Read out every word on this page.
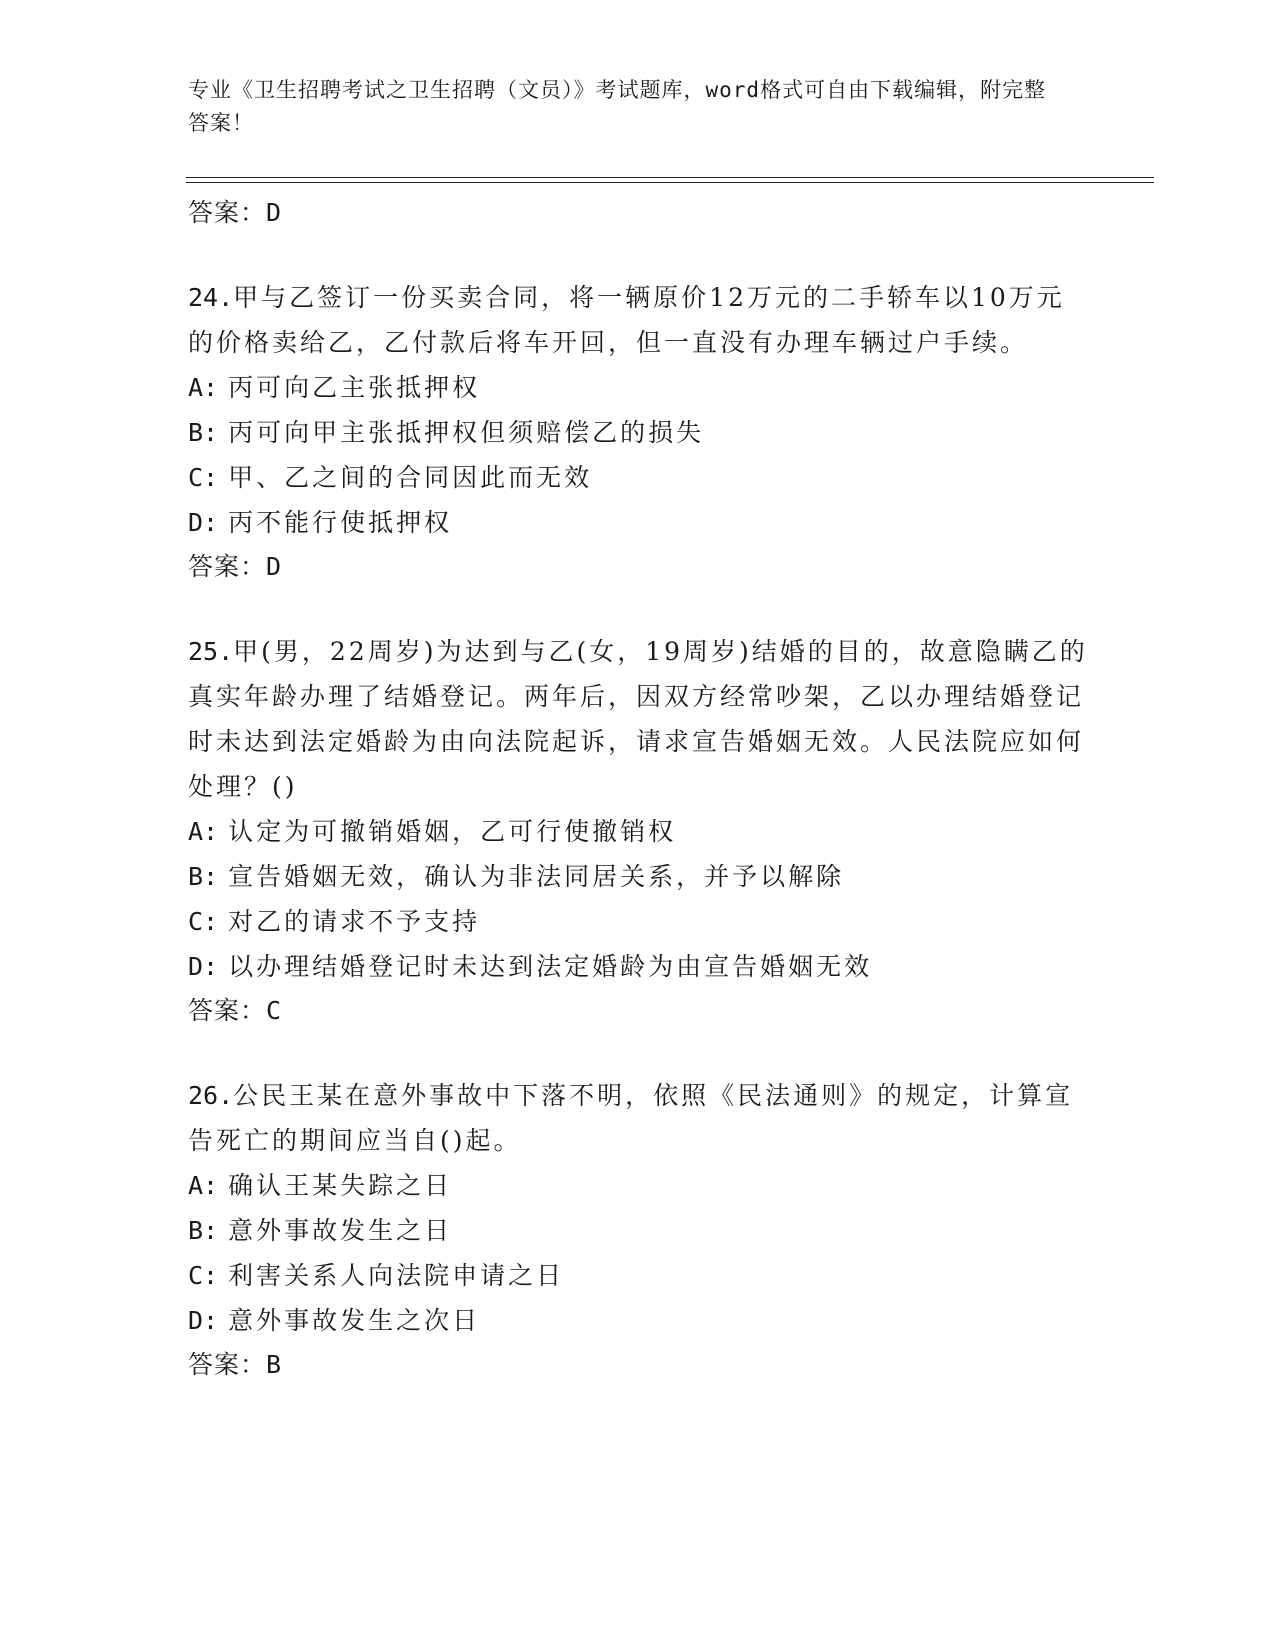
专业《卫生招聘考试之卫生招聘（文员）》考试题库，word格式可自由下载编辑，附完整答案！

答案：D

24.甲与乙签订一份买卖合同，将一辆原价12万元的二手轿车以10万元的价格卖给乙，乙付款后将车开回，但一直没有办理车辆过户手续。

A: 丙可向乙主张抵押权

B: 丙可向甲主张抵押权但须赔偿乙的损失

C: 甲、乙之间的合同因此而无效

D: 丙不能行使抵押权

答案：D

25.甲(男，22周岁)为达到与乙(女，19周岁)结婚的目的，故意隐瞒乙的真实年龄办理了结婚登记。两年后，因双方经常吵架，乙以办理结婚登记时未达到法定婚龄为由向法院起诉，请求宣告婚姻无效。人民法院应如何处理？()

A: 认定为可撤销婚姻，乙可行使撤销权

B: 宣告婚姻无效，确认为非法同居关系，并予以解除

C: 对乙的请求不予支持

D: 以办理结婚登记时未达到法定婚龄为由宣告婚姻无效

答案：C

26.公民王某在意外事故中下落不明，依照《民法通则》的规定，计算宣告死亡的期间应当自()起。

A: 确认王某失踪之日

B: 意外事故发生之日

C: 利害关系人向法院申请之日

D: 意外事故发生之次日

答案：B
